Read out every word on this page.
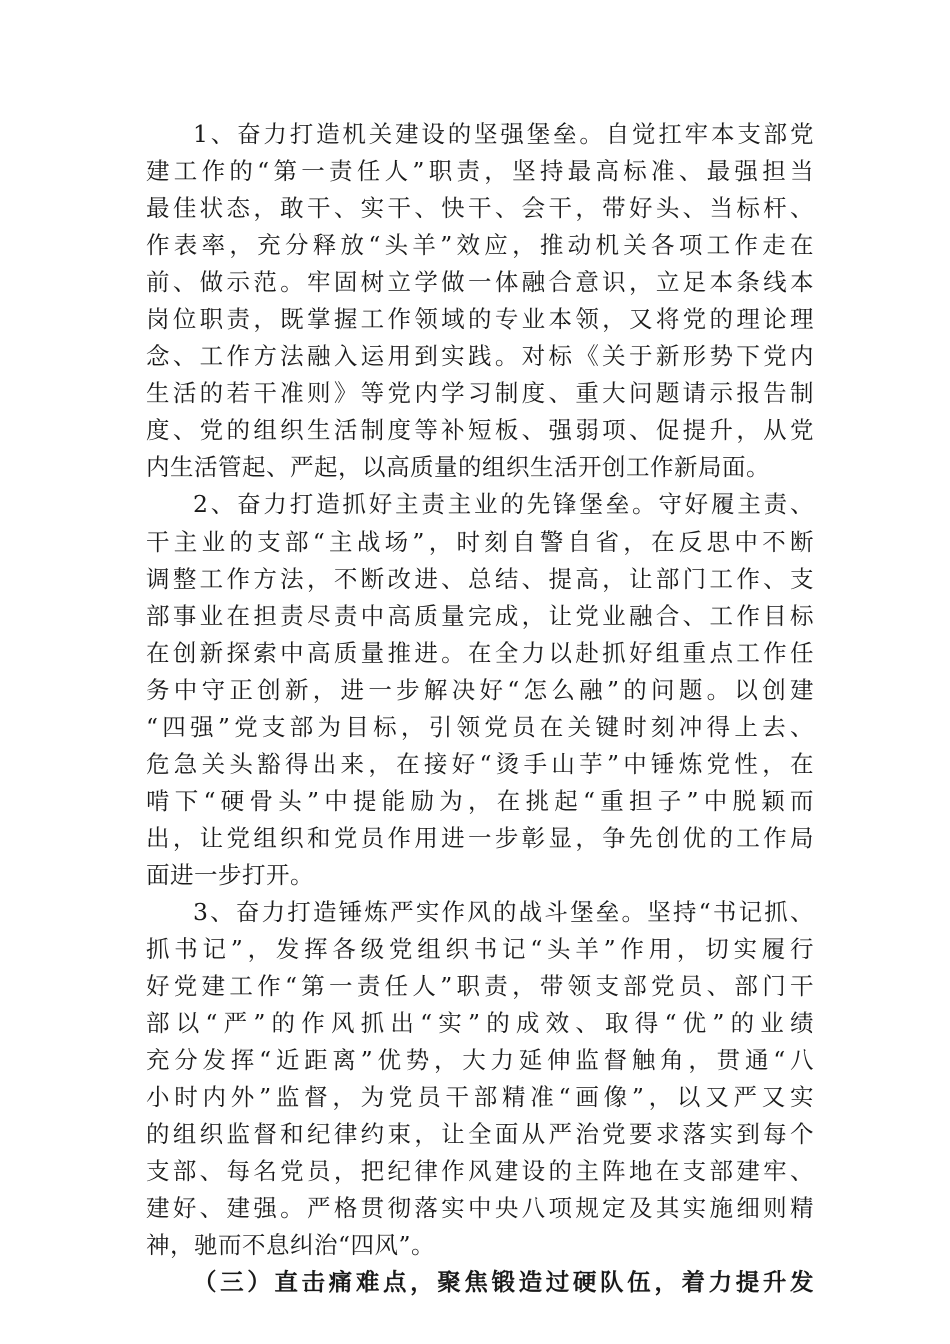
1、奋力打造机关建设的坚强堡垒。自觉扛牢本支部党
建工作的“第一责任人”职责，坚持最高标准、最强担当
最佳状态，敢干、实干、快干、会干，带好头、当标杆、
作表率，充分释放“头羊”效应，推动机关各项工作走在
前、做示范。牢固树立学做一体融合意识，立足本条线本
岗位职责，既掌握工作领域的专业本领，又将党的理论理
念、工作方法融入运用到实践。对标《关于新形势下党内
生活的若干准则》等党内学习制度、重大问题请示报告制
度、党的组织生活制度等补短板、强弱项、促提升，从党
内生活管起、严起，以高质量的组织生活开创工作新局面。
2、奋力打造抓好主责主业的先锋堡垒。守好履主责、
干主业的支部“主战场”，时刻自警自省，在反思中不断
调整工作方法，不断改进、总结、提高，让部门工作、支
部事业在担责尽责中高质量完成，让党业融合、工作目标
在创新探索中高质量推进。在全力以赴抓好组重点工作任
务中守正创新，进一步解决好“怎么融”的问题。以创建
“四强”党支部为目标，引领党员在关键时刻冲得上去、
危急关头豁得出来，在接好“烫手山芋”中锤炼党性，在
啃下“硬骨头”中提能励为，在挑起“重担子”中脱颖而
出，让党组织和党员作用进一步彰显，争先创优的工作局
面进一步打开。
3、奋力打造锤炼严实作风的战斗堡垒。坚持“书记抓、
抓书记”，发挥各级党组织书记“头羊”作用，切实履行
好党建工作“第一责任人”职责，带领支部党员、部门干
部以“严”的作风抓出“实”的成效、取得“优”的业绩
充分发挥“近距离”优势，大力延伸监督触角，贯通“八
小时内外”监督，为党员干部精准“画像”，以又严又实
的组织监督和纪律约束，让全面从严治党要求落实到每个
支部、每名党员，把纪律作风建设的主阵地在支部建牢、
建好、建强。严格贯彻落实中央八项规定及其实施细则精
神，驰而不息纠治“四风”。
（三）直击痛难点，聚焦锻造过硬队伍，着力提升发
